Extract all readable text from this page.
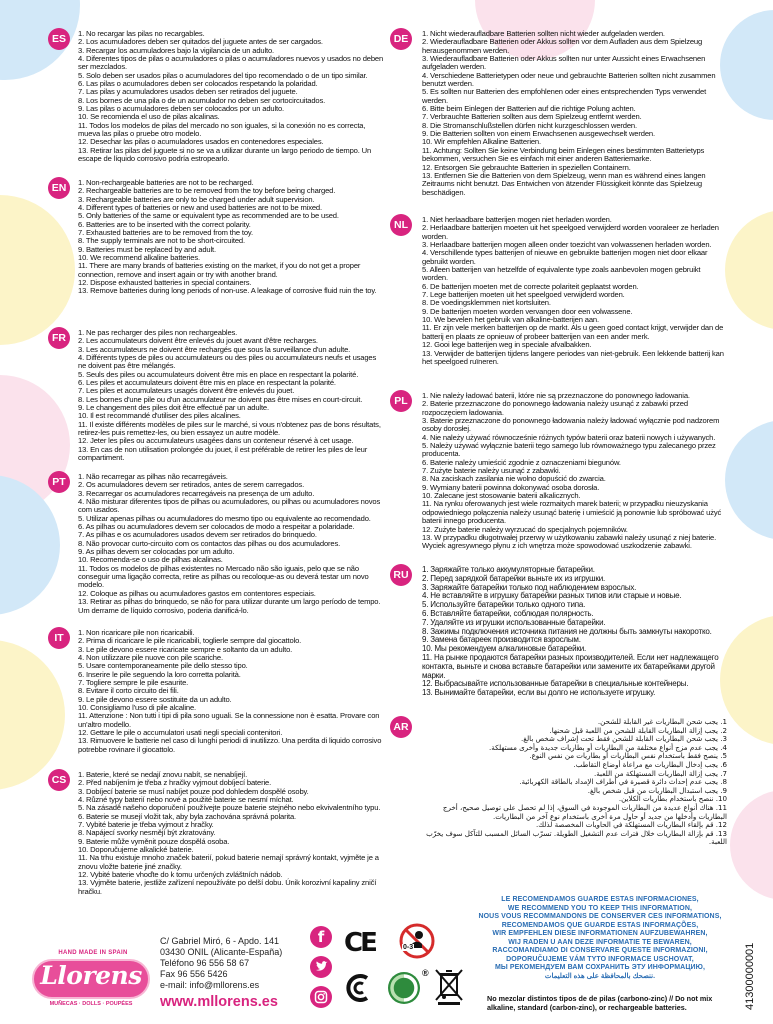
ES	1. No recargar las pilas no recargables.
2. Los acumuladores deben ser quitados del juguete antes de ser cargados.
3. Recargar los acumuladores bajo la vigilancia de un adulto.
4. Diferentes tipos de pilas o acumuladores o pilas o acumuladores nuevos y usados no deben ser mezclados.
5. Solo deben ser usados pilas o acumuladores del tipo recomendado o de un tipo similar.
6. Las pilas o acumuladores deben ser colocados respetando la polaridad.
7. Las pilas y acumuladores usados deben ser retirados del juguete.
8. Los bornes de una pila o de un acumulador no deben ser cortocircuitados.
9. Las pilas o acumuladores deben ser colocados por un adulto.
10. Se recomienda el uso de pilas alcalinas.
11. Todos los modelos de pilas del mercado no son iguales, si la conexión no es correcta, mueva las pilas o pruebe otro modelo.
12. Desechar las pilas o acumuladores usados en contenedores especiales.
13. Retirar las pilas del juguete si no se va a utilizar durante un largo periodo de tiempo. Un escape de líquido corrosivo podría estropearlo.
EN	1. Non-rechargeable batteries are not to be recharged.
2. Rechargeable batteries are to be removed from the toy before being charged.
3. Rechargeable batteries are only to be charged under adult supervision.
4. Different types of batteries or new and used batteries are not to be mixed.
5. Only batteries of the same or equivalent type as recommended are to be used.
6. Batteries are to be inserted with the correct polarity.
7. Exhausted batteries are to be removed from the toy.
8. The supply terminals are not to be short-circuited.
9. Batteries must be replaced by and adult.
10. We recommend alkaline batteries.
11. There are many brands of batteries existing on the market, if you do not get a proper connection, remove and insert again or try with another brand.
12. Dispose exhausted batteries in special containers.
13. Remove batteries during long periods of non-use. A leakage of corrosive fluid ruin the toy.
FR	1. Ne pas recharger des piles non rechargeables.
2. Les accumulateurs doivent être enlevés du jouet avant d'être recharges.
3. Les accumulateurs ne doivent être rechargés que sous la surveillance d'un adulte.
4. Différents types de piles ou accumulateurs ou des piles ou accumulateurs neufs et usages ne doivent pas être mélangés.
5. Seuls des piles ou accumulateurs doivent être mis en place en respectant la polarité.
6. Les piles et accumulateurs doivent être mis en place en respectant la polarité.
7. Les piles et accumulateurs usagés doivent être enlevés du jouet.
8. Les bornes d'une pile ou d'un accumulateur ne doivent pas être mises en court-circuit.
9. Le changement des piles doit être effectué par un adulte.
10. Il est recommandé d'utiliser des piles alcalines.
11. Il existe différents modèles de piles sur le marché, si vous n'obtenez pas de bons résultats, retirez-les puis remettez-les, ou bien essayez un autre modèle.
12. Jeter les piles ou accumulateurs usagées dans un conteneur réservé à cet usage.
13. En cas de non utilisation prolongée du jouet, il est préférable de retirer les piles de leur compartiment.
PT	1. Não recarregar as pilhas não recarregáveis.
2. Os acumuladores devem ser retirados, antes de serem carregados.
3. Recarregar os acumuladores recarregáveis na presença de um adulto.
4. Não misturar diferentes tipos de pilhas ou acumuladores, ou pilhas ou acumuladores novos com usados.
5. Utilizar apenas pilhas ou acumuladores do mesmo tipo ou equivalente ao recomendado.
6. As pilhas ou acumuladores devem ser colocados de modo a respeitar a polaridade.
7. As pilhas e os acumuladores usados devem ser retirados do brinquedo.
8. Não provocar curto-circuito com os contactos das pilhas ou dos acumuladores.
9. As pilhas devem ser colocadas por um adulto.
10. Recomenda-se o uso de pilhas alcalinas.
11. Todos os modelos de pilhas existentes no Mercado não são iguais, pelo que se não conseguir uma ligação correcta, retire as pilhas ou recoloque-as ou deverá testar um novo modelo.
12. Coloque as pilhas ou acumuladores gastos em contentores especiais.
13. Retirar as pilhas do brinquedo, se não for para utilizar durante um largo período de tempo. Um derrame de líquido corrosivo, poderia danificá-lo.
IT	1. Non ricaricare pile non ricaricabili.
2. Prima di ricaricare le pile ricaricabili, toglierle sempre dal giocattolo.
3. Le pile devono essere ricaricate sempre e soltanto da un adulto.
4. Non utilizzare pile nuove con pile scariche.
5. Usare contemporaneamente pile dello stesso tipo.
6. Inserire le pile seguendo la loro corretta polarità.
7. Togliere sempre le pile esaurite.
8. Evitare il corto circuito dei fili.
9. Le pile devono essere sostituite da un adulto.
10. Consigliamo l'uso di pile alcaline.
11. Attenzione : Non tutti i tipi di pila sono uguali. Se la connessione non è esatta. Provare con un'altro modello.
12. Gettare le pile o accumulatori usati negli speciali contenitori.
13. Rimuovere le batterie nel caso di lunghi periodi di inutilizzo. Una perdita di liquido corrosivo potrebbe rovinare il giocattolo.
CS	1. Baterie, které se nedají znovu nabít, se nenabíjejí.
2. Před nabíjením je třeba z hračky vyjmout dobíjecí baterie.
3. Dobíjecí baterie se musí nabíjet pouze pod dohledem dospělé osoby.
4. Různé typy baterií nebo nové a použité baterie se nesmí míchat.
5. Na zásadě našeho doporučení používejte pouze baterie stejného nebo ekvivalentního typu.
6. Baterie se musejí vložit tak, aby byla zachována správná polarita.
7. Vybité baterie je třeba vyjmout z hračky.
8. Napájecí svorky nesmějí být zkratovány.
9. Baterie může vyměnit pouze dospělá osoba.
10. Doporučujeme alkalické baterie.
11. Na trhu existuje mnoho značek baterií, pokud baterie nemají správný kontakt, vyjměte je a znovu vložte baterie jiné značky.
12. Vybité baterie vhoďte do k tomu určených zvláštních nádob.
13. Vyjměte baterie, jestliže zařízení nepoužíváte po delší dobu. Únik korozivní kapaliny zničí hračku.
DE	1. Nicht wiederaufladbare Batterien sollten nicht wieder aufgeladen werden.
2. Wiederaufladbare Batterien oder Akkus sollten vor dem Aufladen aus dem Spielzeug herausgenommen werden.
3. Wiederaufladbare Batterien oder Akkus sollten nur unter Aussicht eines Erwachsenen aufgeladen werden.
4. Verschiedene Batterietypen oder neue und gebrauchte Batterien sollten nicht zusammen benutzt werden.
5. Es sollten nur Batterien des empfohlenen oder eines entsprechenden Typs verwendet werden.
6. Bitte beim Einlegen der Batterien auf die richtige Polung achten.
7. Verbrauchte Batterien sollten aus dem Spielzeug entfernt werden.
8. Die Stromanschlußstellen dürfen nicht kurzgeschlossen werden.
9. Die Batterien sollten von einem Erwachsenen ausgewechselt werden.
10. Wir empfehlen Alkaline Batterien.
11. Achtung: Sollten Sie keine Verbindung beim Einlegen eines bestimmten Batterietyps bekommen, versuchen Sie es einfach mit einer anderen Batteriemarke.
12. Entsorgen Sie gebrauchte Batterien in speziellen Containern.
13. Entfernen Sie die Batterien von dem Spielzeug, wenn man es während eines langen Zeitraums nicht benutzt. Das Entwichen von ätzender Flüssigkeit könnte das Spielzeug beschädigen.
NL	1. Niet herlaadbare batterijen mogen niet herladen worden.
2. Herlaadbare batterijen moeten uit het speelgoed verwijderd worden vooraleer ze herladen worden.
3. Herlaadbare batterijen mogen alleen onder toezicht van volwassenen herladen worden.
4. Verschillende types batterijen of nieuwe en gebruikte batterijen mogen niet door elkaar gebruikt worden.
5. Alleen batterijen van hetzelfde of equivalente type zoals aanbevolen mogen gebruikt worden.
6. De batterijen moeten met de correcte polariteit geplaatst worden.
7. Lege batterijen moeten uit het speelgoed verwijderd worden.
8. De voedingsklemmen niet kortsluiten.
9. De batterijen moeten worden vervangen door een volwassene.
10. We bevelen het gebruik van alkaline-batterijen aan.
11. Er zijn vele merken batterijen op de markt. Als u geen goed contact krijgt, verwijder dan de batterij en plaats ze opnieuw of probeer batterijen van een ander merk.
12. Gooi lege batterijen weg in speciale afvalbakken.
13. Verwijder de batterijen tijdens langere periodes van niet-gebruik. Een lekkende batterij kan het speelgoed ruïneren.
PL	1. Nie należy ładować baterii, które nie są przeznaczone do ponownego ładowania.
2. Baterie przeznaczone do ponownego ładowania należy usunąć z zabawki przed rozpoczęciem ładowania.
3. Baterie przeznaczone do ponownego ładowania należy ładować wyłącznie pod nadzorem osoby dorosłej.
4. Nie należy używać równocześnie różnych typów baterii oraz baterii nowych i używanych.
5. Należy używać wyłącznie baterii tego samego lub równoważnego typu zalecanego przez producenta.
6. Baterie należy umieścić zgodnie z oznaczeniami biegunów.
7. Zużyte baterie należy usunąć z zabawki.
8. Na zaciskach zasilania nie wolno dopuścić do zwarcia.
9. Wymiany baterii powinna dokonywać osoba dorosła.
10. Zalecane jest stosowanie baterii alkalicznych.
11. Na rynku oferowanych jest wiele rozmaitych marek baterii; w przypadku nieuzyskania odpowiedniego połączenia należy usunąć baterię i umieścić ją ponownie lub spróbować użyć baterii innego producenta.
12. Zużyte baterie należy wyrzucać do specjalnych pojemników.
13. W przypadku długotrwałej przerwy w użytkowaniu zabawki należy usunąć z niej baterie. Wyciek agresywnego płynu z ich wnętrza może spowodować uszkodzenie zabawki.
RU	1. Заряжайте только аккумуляторные батарейки.
2. Перед зарядкой батарейки выньте их из игрушки.
3. Заряжайте батарейки только под наблюдением взрослых.
4. Не вставляйте в игрушку батарейки разных типов или старые и новые.
5. Используйте батарейки только одного типа.
6. Вставляйте батарейки, соблюдая полярность.
7. Удаляйте из игрушки использованные батарейки.
8. Зажимы подключения источника питания не должны быть замкнуты накоротко.
9. Замена батареек производится взрослым.
10. Мы рекомендуем алкалиновые батарейки.
11. На рынке продаются батарейки разных производителей. Если нет надлежащего контакта, выньте и снова вставьте батарейки или замените их батарейками другой марки.
12. Выбрасывайте использованные батарейки в специальные контейнеры.
13. Вынимайте батарейки, если вы долго не используете игрушку.
AR	1. يجب شحن البطاريات غير القابلة للشحن.
2. يجب إزالة البطاريات القابلة للشحن من اللعبة قبل شحنها.
3. يجب شحن البطاريات القابلة للشحن فقط تحت إشراف شخص بالغ.
4. يجب عدم مزج أنواع مختلفة من البطاريات أو بطاريات جديدة وأخرى مستهلكة.
5. ينصح فقط باستخدام نفس البطاريات أو بطاريات من نفس النوع.
6. يجب إدخال البطاريات مع مراعاة أوضاع التقاطب.
7. يجب إزالة البطاريات المستهلكة من اللعبة.
8. يجب عدم إحداث دائرة قصيرة في أطراف الإمداد بالطاقة الكهربائية.
9. يجب استبدال البطاريات من قبل شخص بالغ.
10. ننصح باستخدام بطاريات الكلاين.
11. هناك أنواع عديدة من البطاريات الموجودة في السوق، إذا لم تحصل على توصيل صحيح، أخرج البطاريات وأدخلها من جديد أو حاول مرة أخرى باستخدام نوع آخر من البطاريات.
12. قم بإلقاء البطاريات المستهلكة في الحاويات المخصصة لذلك.
13. قم بإزالة البطاريات خلال فترات عدم التشغيل الطويلة. تسرّب السائل المسبب للتآكل سوف يخرّب اللعبة.
HAND MADE IN SPAIN
Llorens
MUÑECAS · DOLLS · POUPÉES
C/ Gabriel Miró, 6 - Apdo. 141
03430 ONIL (Alicante-España)
Teléfono 96 556 58 67
Fax 96 556 5426
e-mail: info@mllorens.es
www.mllorens.es
f CE	0-3
®
LE RECOMENDAMOS GUARDE ESTAS INFORMACIONES,
WE RECOMMEND YOU TO KEEP THIS INFORMATION,
NOUS VOUS RECOMMANDONS DE CONSERVER CES INFORMATIONS,
RECOMENDAMOS QUE GUARDE ESTAS INFORMAÇÕES,
WIR EMPFEHLEN DIESE INFORMATIONEN AUFZUBEWAHREN,
WIJ RADEN U AAN DEZE INFORMATIE TE BEWAREN,
RACCOMANDIAMO DI CONSERVARE QUESTE INFORMAZIONI,
DOPORUČUJEME VÁM TYTO INFORMACE USCHOVAT,
МЫ РЕКОМЕНДУЕМ ВАМ СОХРАНИТЬ ЭТУ ИНФОРМАЦИЮ,
ننصحك بالمحافظة على هذه التعليمات.
No mezclar distintos tipos de de pilas (carbono-zinc) // Do not mix alkaline, standard (carbon-zinc), or rechargeable batteries.	41300000001
